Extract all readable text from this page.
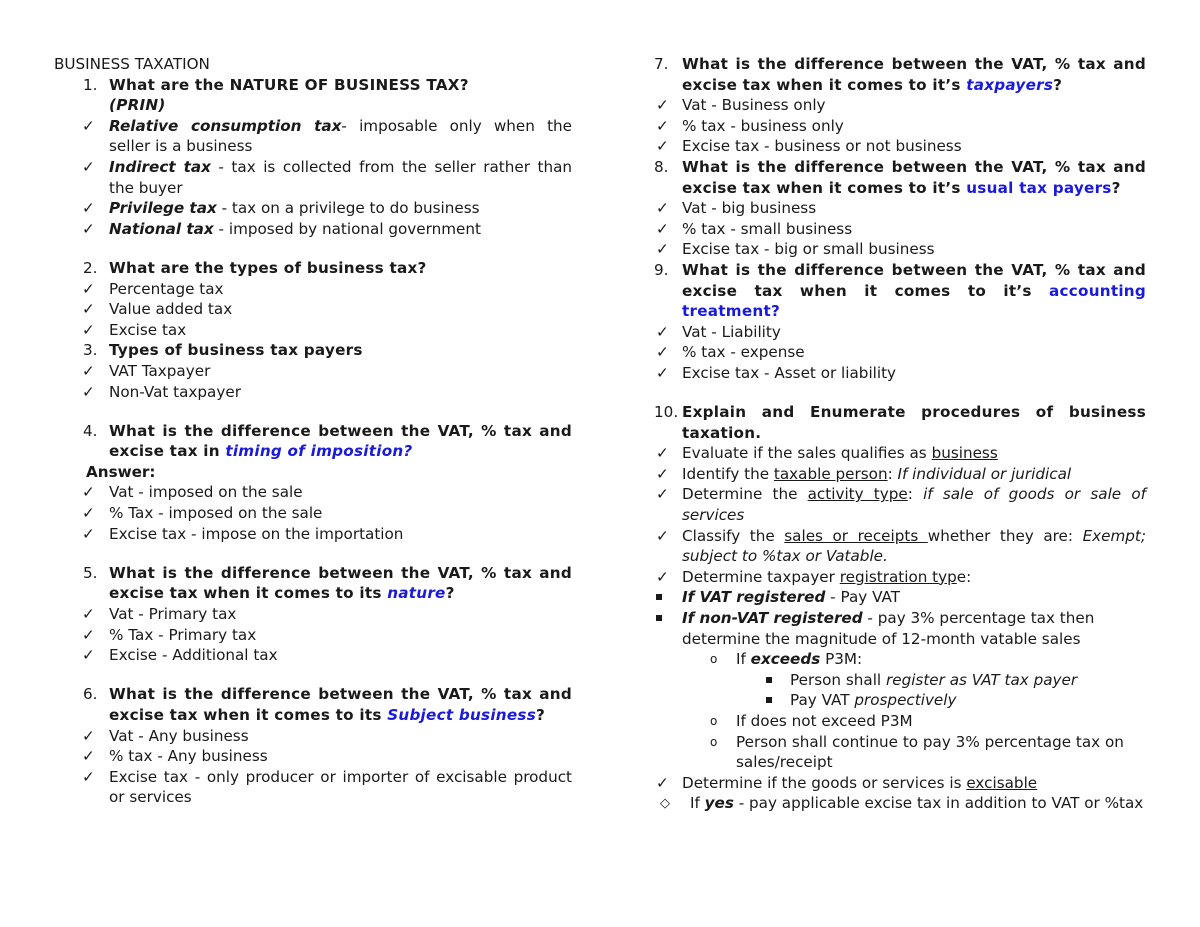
BUSINESS TAXATION

1. What are the NATURE OF BUSINESS TAX?

(PRIN)

✓ Relative consumption tax- imposable only when the seller is a business

✓ Indirect tax - tax is collected from the seller rather than the buyer

✓ Privilege tax - tax on a privilege to do business

✓ National tax - imposed by national government

2. What are the types of business tax?

✓ Percentage tax

✓ Value added tax

✓ Excise tax

3. Types of business tax payers

✓ VAT Taxpayer

✓ Non-Vat taxpayer

4. What is the difference between the VAT, % tax and excise tax in timing of imposition?

Answer:

✓ Vat - imposed on the sale

✓ % Tax - imposed on the sale

✓ Excise tax - impose on the importation

5. What is the difference between the VAT, % tax and excise tax when it comes to its nature?

✓ Vat - Primary tax

✓ % Tax - Primary tax

✓ Excise - Additional tax

6. What is the difference between the VAT, % tax and excise tax when it comes to its Subject business?

✓ Vat - Any business

✓ % tax - Any business

✓ Excise tax - only producer or importer of excisable product or services

7. What is the difference between the VAT, % tax and excise tax when it comes to it’s taxpayers?

✓ Vat - Business only

✓ % tax - business only

✓ Excise tax - business or not business

8. What is the difference between the VAT, % tax and excise tax when it comes to it’s usual tax payers?

✓ Vat - big business

✓ % tax - small business

✓ Excise tax - big or small business

9. What is the difference between the VAT, % tax and excise tax when it comes to it’s accounting treatment?

✓ Vat - Liability

✓ % tax - expense

✓ Excise tax - Asset or liability

10. Explain and Enumerate procedures of business taxation.

✓ Evaluate if the sales qualifies as business

✓ Identify the taxable person: If individual or juridical

✓ Determine the activity type: if sale of goods or sale of services

✓ Classify the sales or receipts whether they are: Exempt; subject to %tax or Vatable.

✓ Determine taxpayer registration type:

If VAT registered - Pay VAT

If non-VAT registered - pay 3% percentage tax then determine the magnitude of 12-month vatable sales

o If exceeds P3M:

Person shall register as VAT tax payer

Pay VAT prospectively

o If does not exceed P3M

o Person shall continue to pay 3% percentage tax on sales/receipt

✓ Determine if the goods or services is excisable

◇ If yes - pay applicable excise tax in addition to VAT or %tax
